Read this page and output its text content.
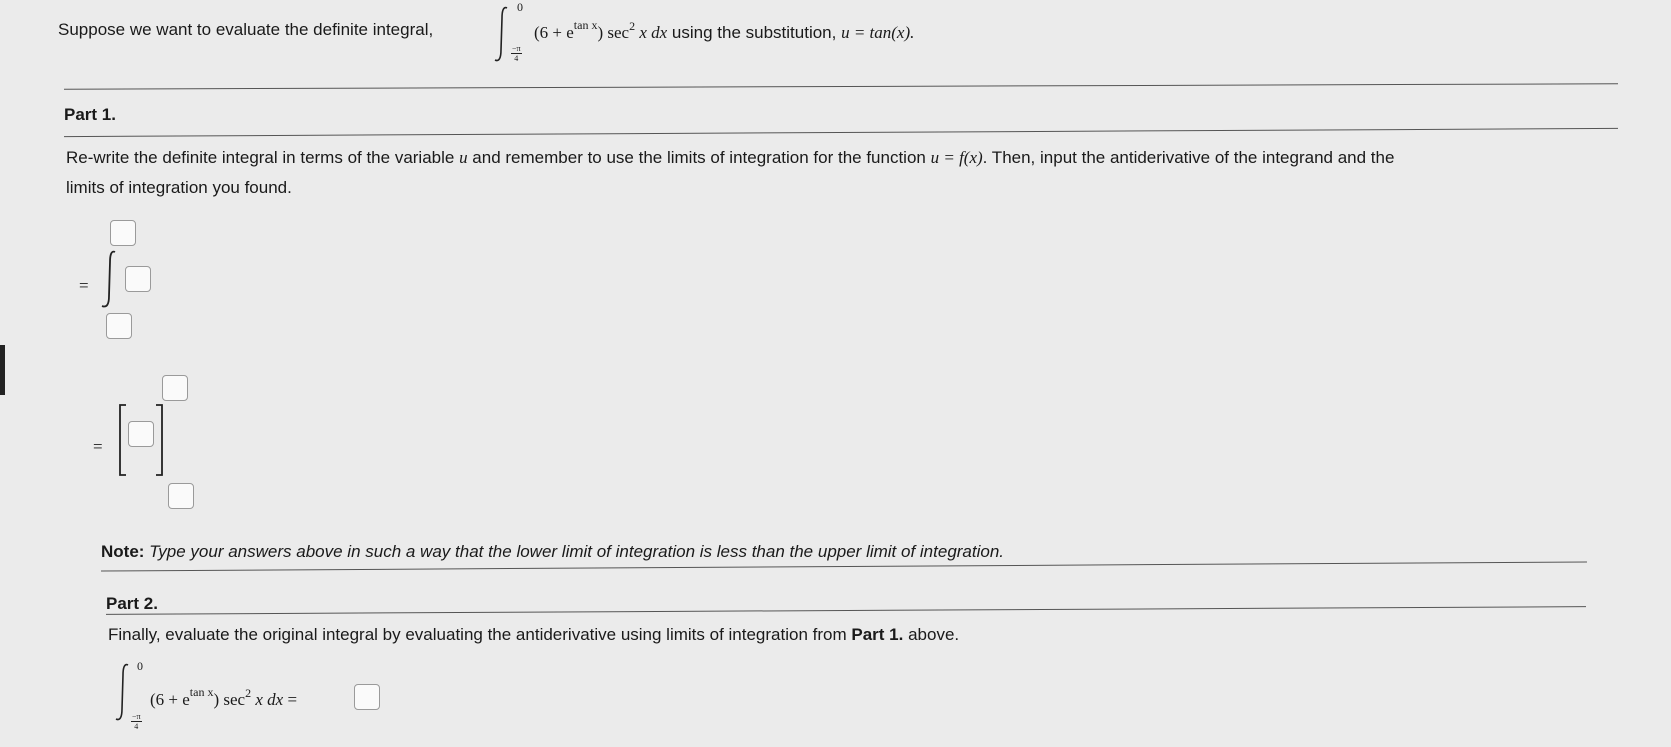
Suppose we want to evaluate the definite integral,
0
$\frac{-\pi}{4}$
$(6 + e^{tan x})$ $\sec^2 x$ dx using the substitution, u = tan(x).
Part 1.
Re-write the definite integral in terms of the variable u and remember to use the limits of integration for the function u = f(x). Then, input the antiderivative of the integrand and the
limits of integration you found.
=
=
Note: Type your answers above in such a way that the lower limit of integration is less than the upper limit of integration.
Part 2.
Finally, evaluate the original integral by evaluating the antiderivative using limits of integration from Part 1. above.
0
$\frac{-\pi}{4}$
$(6 + e^{tan x})$ $\sec^2 x$ dx =
